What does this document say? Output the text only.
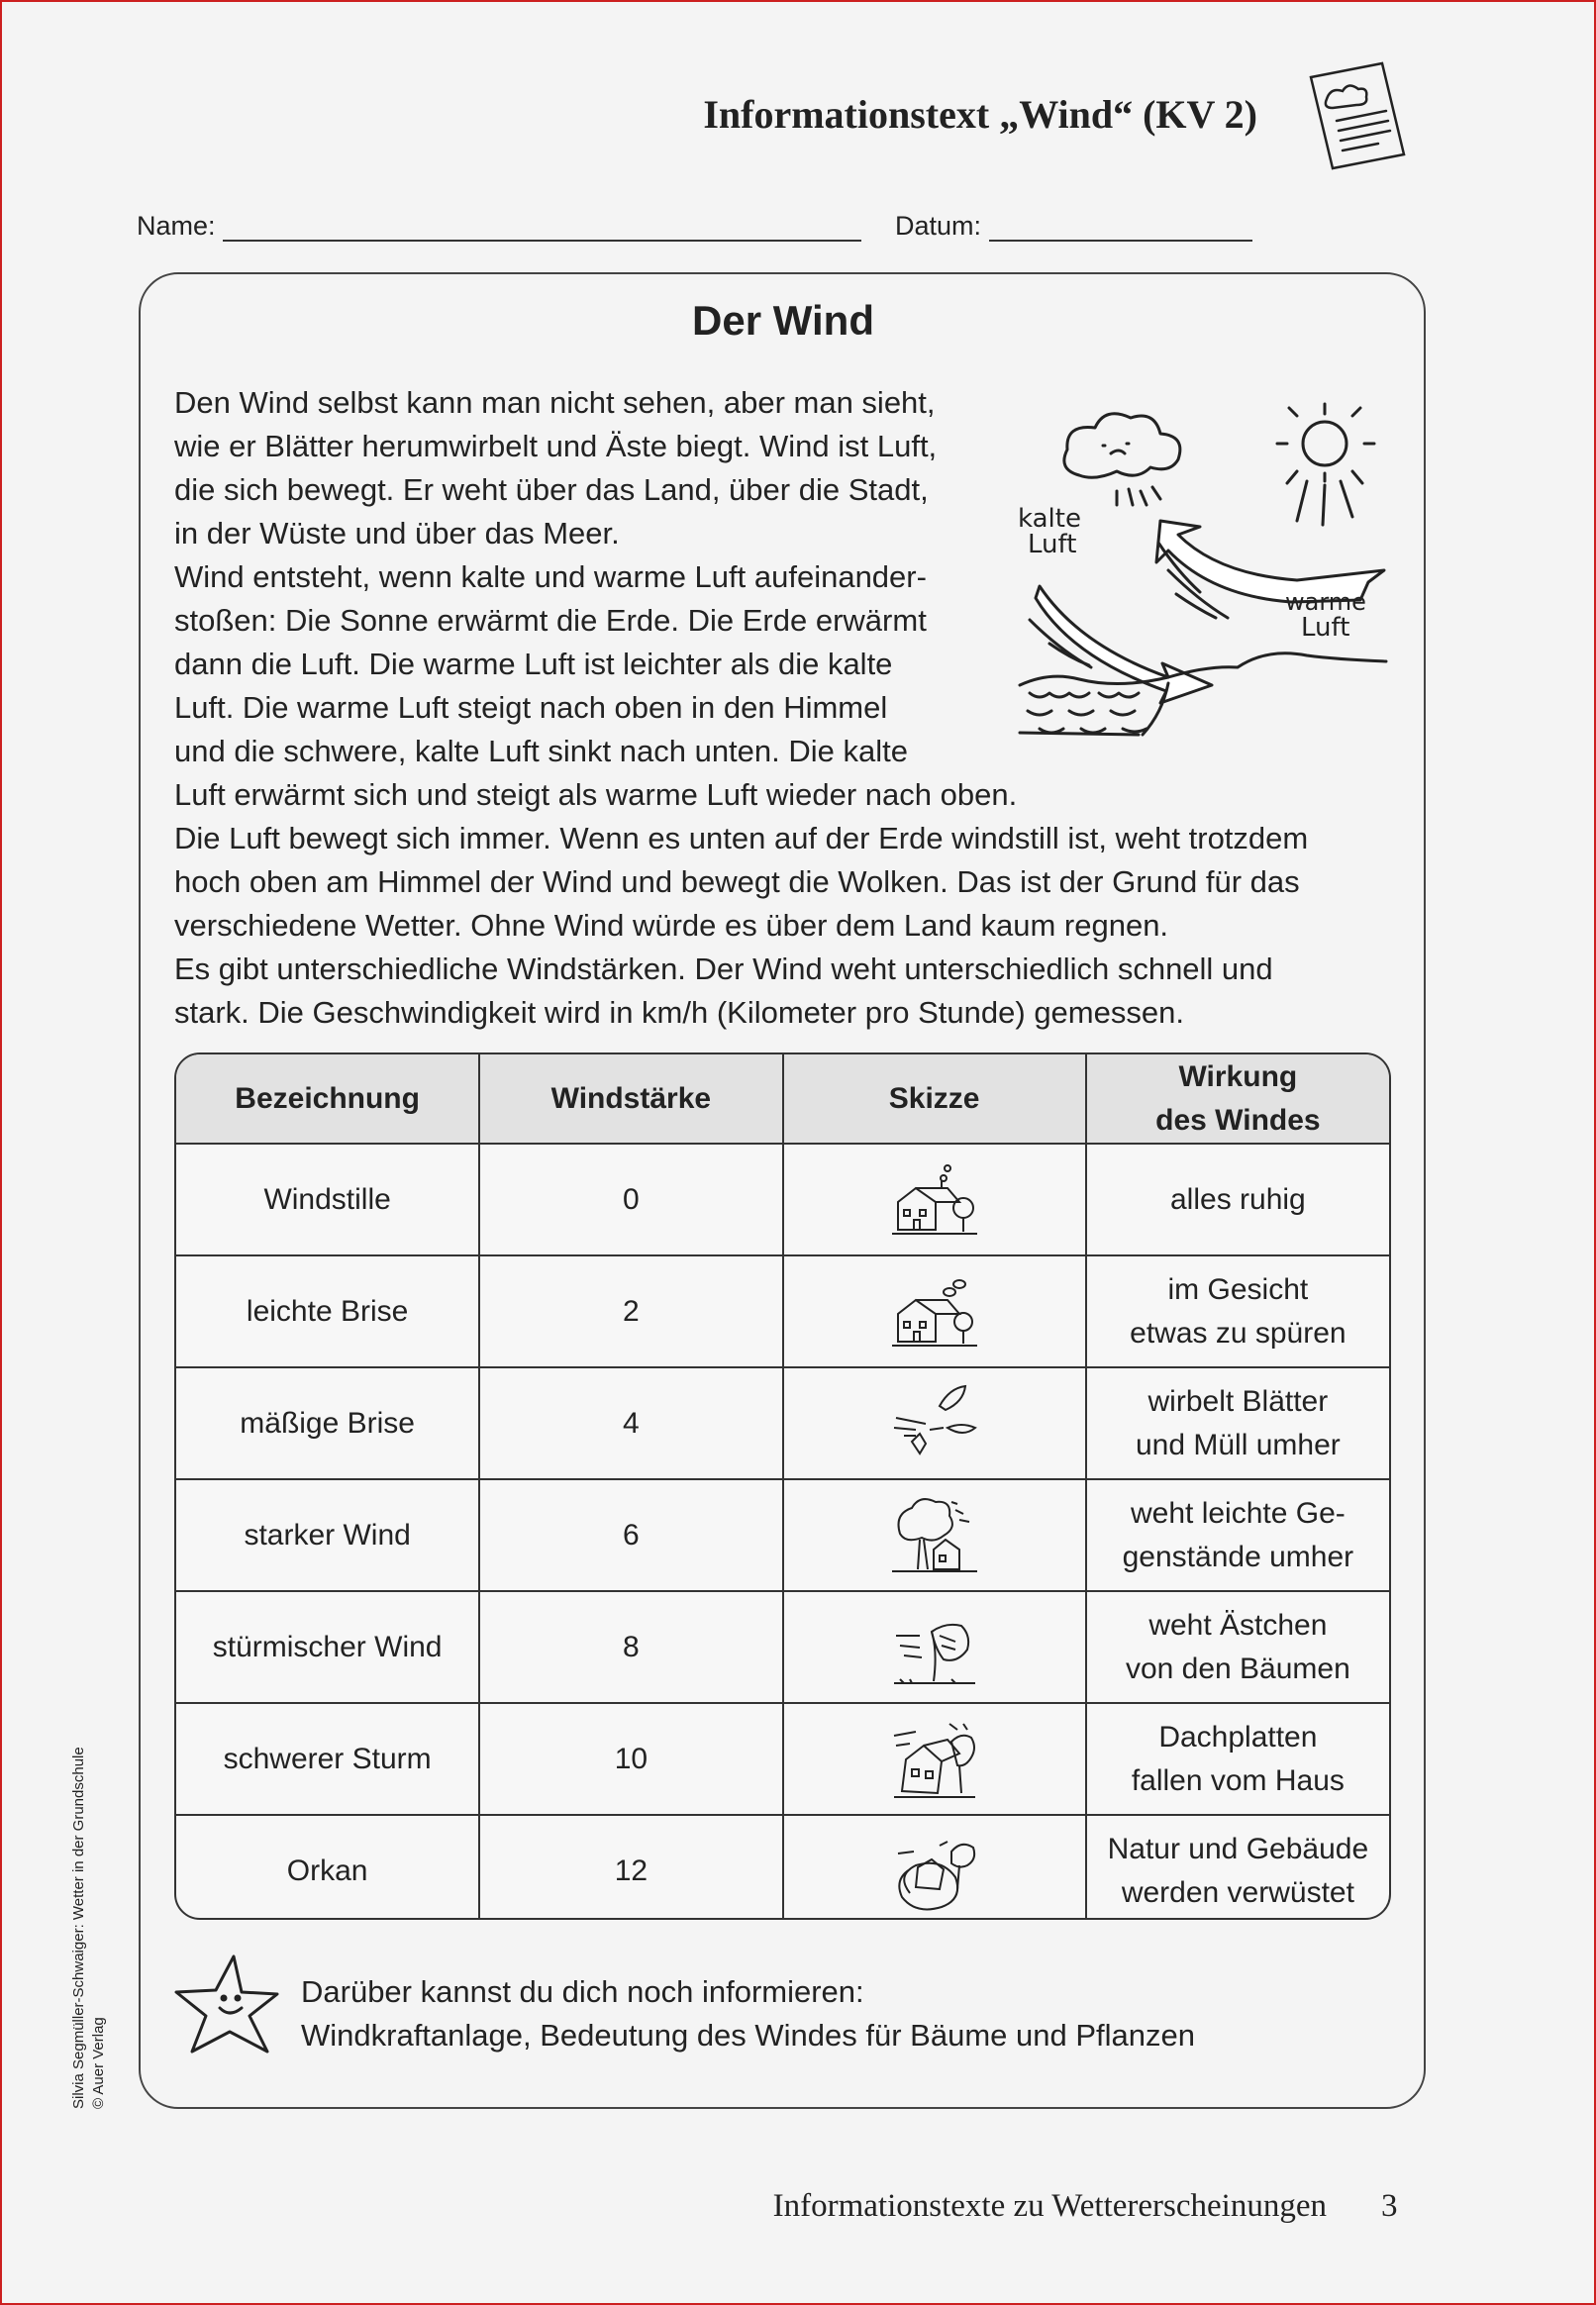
Informationstext „Wind“ (KV 2)
Name:	Datum:
Der Wind
Den Wind selbst kann man nicht sehen, aber man sieht,
wie er Blätter herumwirbelt und Äste biegt. Wind ist Luft,
die sich bewegt. Er weht über das Land, über die Stadt,
in der Wüste und über das Meer.
Wind entsteht, wenn kalte und warme Luft aufeinander-
stoßen: Die Sonne erwärmt die Erde. Die Erde erwärmt
dann die Luft. Die warme Luft ist leichter als die kalte
Luft. Die warme Luft steigt nach oben in den Himmel
und die schwere, kalte Luft sinkt nach unten. Die kalte
Luft erwärmt sich und steigt als warme Luft wieder nach oben.
kalte
Luft
warme
Luft
Die Luft bewegt sich immer. Wenn es unten auf der Erde windstill ist, weht trotzdem
hoch oben am Himmel der Wind und bewegt die Wolken. Das ist der Grund für das
verschiedene Wetter. Ohne Wind würde es über dem Land kaum regnen.
Es gibt unterschiedliche Windstärken. Der Wind weht unterschiedlich schnell und
stark. Die Geschwindigkeit wird in km/h (Kilometer pro Stunde) gemessen.
Bezeichnung	Windstärke	Skizze	Wirkung
des Windes
Windstille	0		alles ruhig
leichte Brise	2		im Gesicht
etwas zu spüren
mäßige Brise	4		wirbelt Blätter
und Müll umher
starker Wind	6		weht leichte Ge-
genstände umher
stürmischer Wind	8		weht Ästchen
von den Bäumen
schwerer Sturm	10		Dachplatten
fallen vom Haus
Orkan	12		Natur und Gebäude
werden verwüstet
Darüber kannst du dich noch informieren:
Windkraftanlage, Bedeutung des Windes für Bäume und Pflanzen
Silvia Segmüller-Schwaiger: Wetter in der Grundschule
© Auer Verlag
Informationstexte zu Wettererscheinungen 3
